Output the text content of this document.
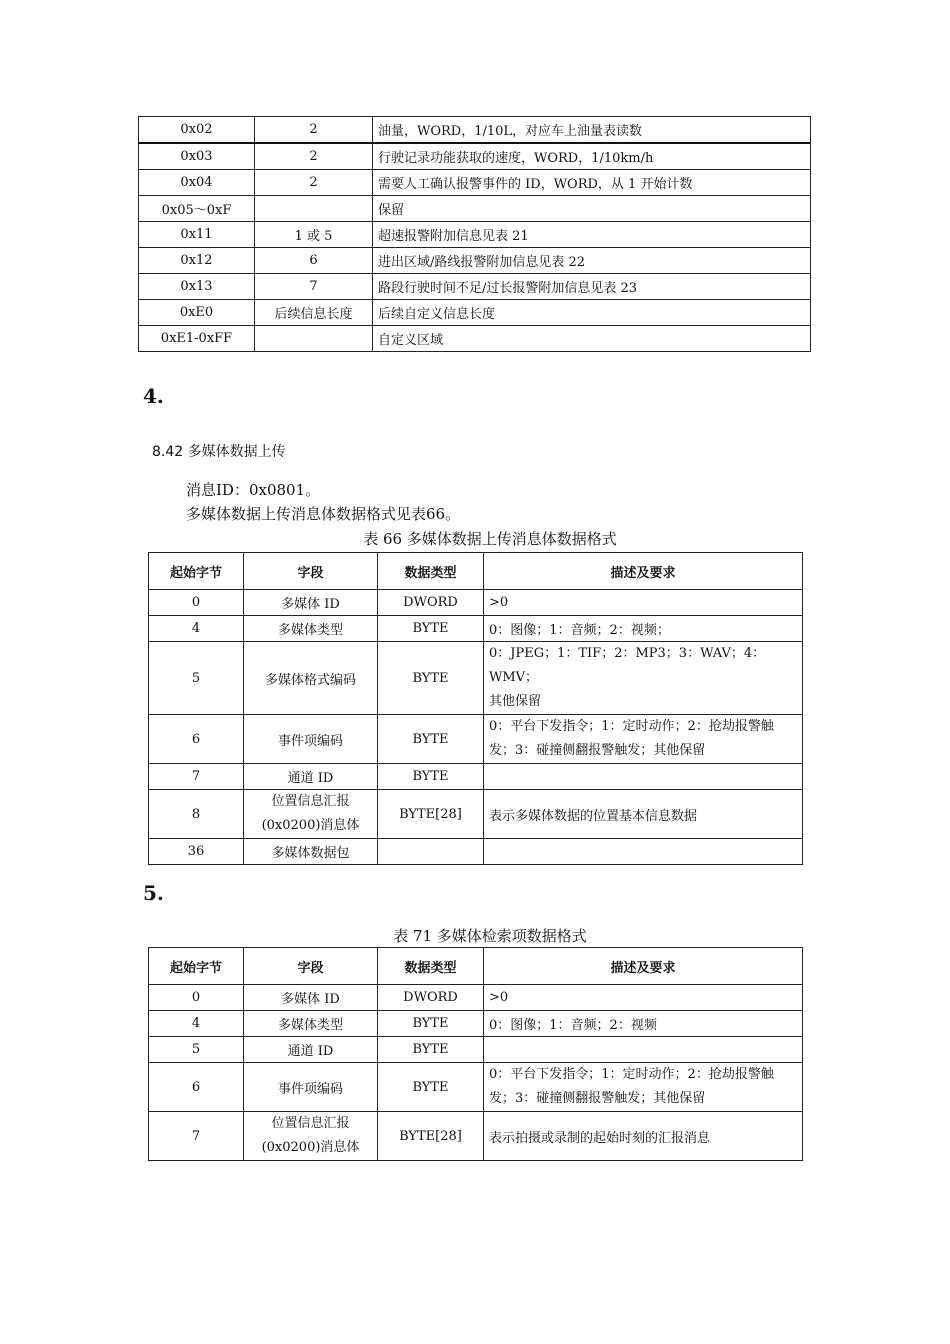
0x02	2	油量，WORD，1/10L，对应车上油量表读数
0x03	2	行驶记录功能获取的速度，WORD，1/10km/h
0x04	2	需要人工确认报警事件的 ID，WORD，从 1 开始计数
0x05～0xF		保留
0x11	1 或 5	超速报警附加信息见表 21
0x12	6	进出区域/路线报警附加信息见表 22
0x13	7	路段行驶时间不足/过长报警附加信息见表 23
0xE0	后续信息长度	后续自定义信息长度
0xE1-0xFF		自定义区域
4.
8.42 多媒体数据上传
消息ID：0x0801。
多媒体数据上传消息体数据格式见表66。
表 66 多媒体数据上传消息体数据格式
起始字节	字段	数据类型	描述及要求
0	多媒体 ID	DWORD	>0
4	多媒体类型	BYTE	0：图像；1：音频；2：视频；
5	多媒体格式编码	BYTE	0：JPEG；1：TIF；2：MP3；3：WAV；4：WMV；
其他保留

6	事件项编码	BYTE	0：平台下发指令；1：定时动作；2：抢劫报警触
发；3：碰撞侧翻报警触发；其他保留

7	通道 ID	BYTE	
8	位置信息汇报
(0x0200)消息体	BYTE[28]	表示多媒体数据的位置基本信息数据
36	多媒体数据包		
5.
表 71 多媒体检索项数据格式
起始字节	字段	数据类型	描述及要求
0	多媒体 ID	DWORD	>0
4	多媒体类型	BYTE	0：图像；1：音频；2：视频
5	通道 ID	BYTE	
6	事件项编码	BYTE	0：平台下发指令；1：定时动作；2：抢劫报警触
发；3：碰撞侧翻报警触发；其他保留

7	位置信息汇报
(0x0200)消息体	BYTE[28]	表示拍摄或录制的起始时刻的汇报消息
